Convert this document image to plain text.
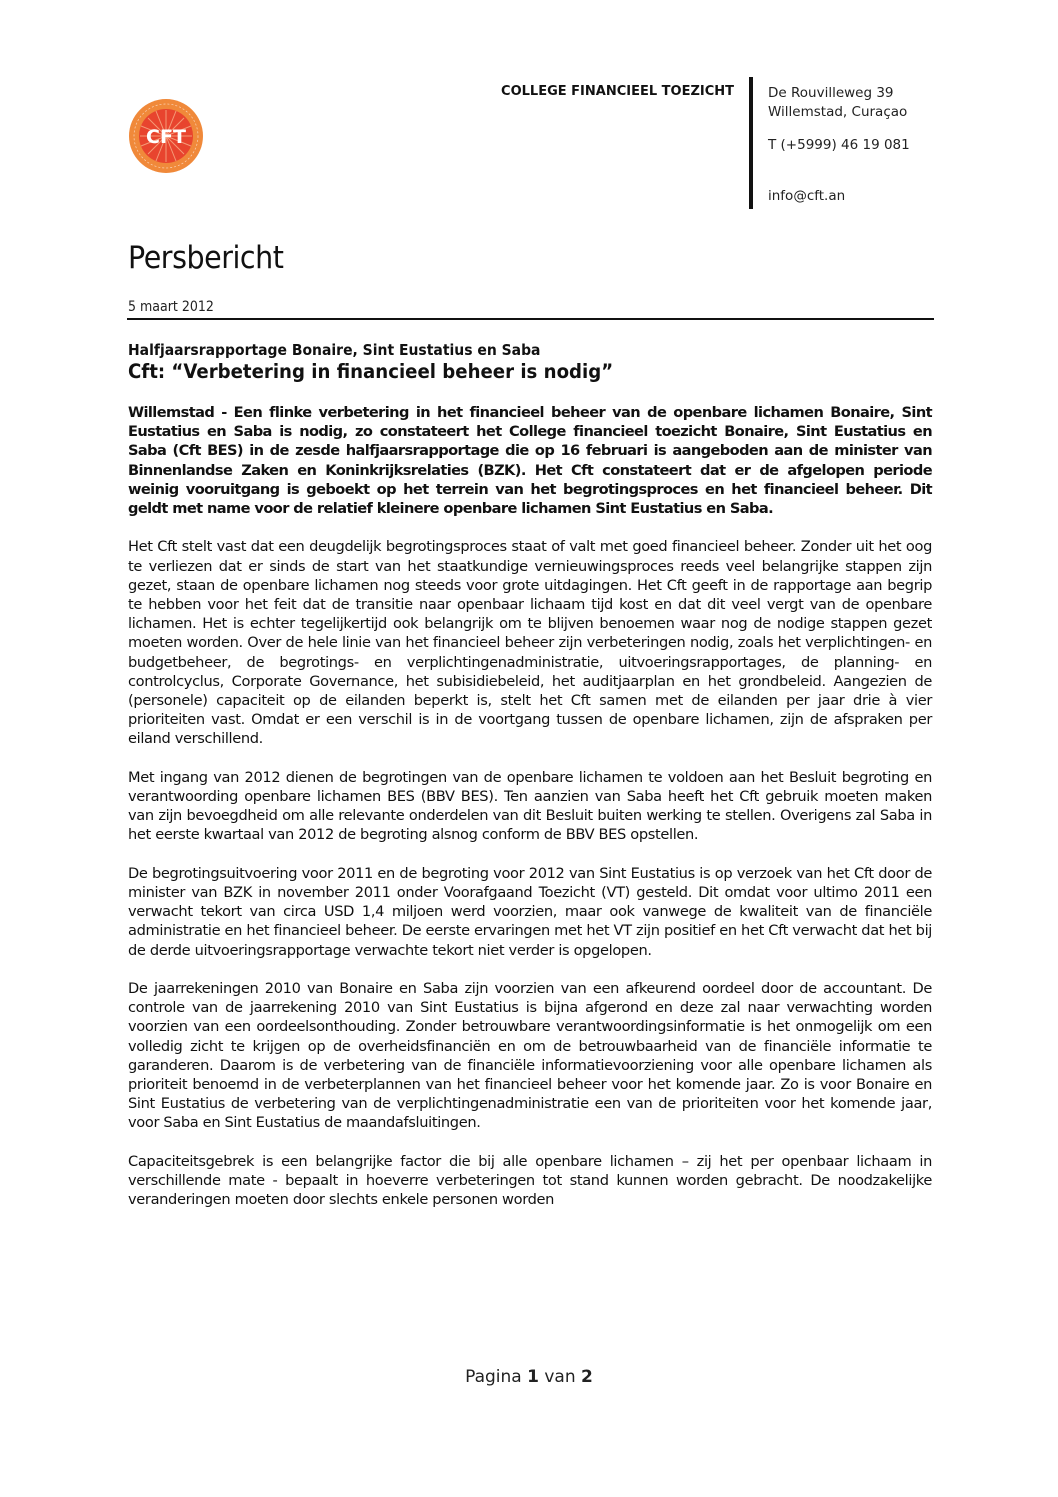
CFT
COLLEGE FINANCIEEL TOEZICHT	De Rouvilleweg 39
Willemstad, Curaçao
T (+5999) 46 19 081
info@cft.an
Persbericht
5 maart 2012
Halfjaarsrapportage Bonaire, Sint Eustatius en Saba
Cft: “Verbetering in financieel beheer is nodig”

Willemstad - Een flinke verbetering in het financieel beheer van de openbare lichamen Bonaire, Sint Eustatius en Saba is nodig, zo constateert het College financieel toezicht Bonaire, Sint Eustatius en Saba (Cft BES) in de zesde halfjaarsrapportage die op 16 februari is aangeboden aan de minister van Binnenlandse Zaken en Koninkrijksrelaties (BZK). Het Cft constateert dat er de afgelopen periode weinig vooruitgang is geboekt op het terrein van het begrotingsproces en het financieel beheer. Dit geldt met name voor de relatief kleinere openbare lichamen Sint Eustatius en Saba.

Het Cft stelt vast dat een deugdelijk begrotingsproces staat of valt met goed financieel beheer. Zonder uit het oog te verliezen dat er sinds de start van het staatkundige vernieuwingsproces reeds veel belangrijke stappen zijn gezet, staan de openbare lichamen nog steeds voor grote uitdagingen. Het Cft geeft in de rapportage aan begrip te hebben voor het feit dat de transitie naar openbaar lichaam tijd kost en dat dit veel vergt van de openbare lichamen. Het is echter tegelijkertijd ook belangrijk om te blijven benoemen waar nog de nodige stappen gezet moeten worden. Over de hele linie van het financieel beheer zijn verbeteringen nodig, zoals het verplichtingen- en budgetbeheer, de begrotings- en verplichtingenadministratie, uitvoeringsrapportages, de planning- en controlcyclus, Corporate Governance, het subisidiebeleid, het auditjaarplan en het grondbeleid. Aangezien de (personele) capaciteit op de eilanden beperkt is, stelt het Cft samen met de eilanden per jaar drie à vier prioriteiten vast. Omdat er een verschil is in de voortgang tussen de openbare lichamen, zijn de afspraken per eiland verschillend.

Met ingang van 2012 dienen de begrotingen van de openbare lichamen te voldoen aan het Besluit begroting en verantwoording openbare lichamen BES (BBV BES). Ten aanzien van Saba heeft het Cft gebruik moeten maken van zijn bevoegdheid om alle relevante onderdelen van dit Besluit buiten werking te stellen. Overigens zal Saba in het eerste kwartaal van 2012 de begroting alsnog conform de BBV BES opstellen.

De begrotingsuitvoering voor 2011 en de begroting voor 2012 van Sint Eustatius is op verzoek van het Cft door de minister van BZK in november 2011 onder Voorafgaand Toezicht (VT) gesteld. Dit omdat voor ultimo 2011 een verwacht tekort van circa USD 1,4 miljoen werd voorzien, maar ook vanwege de kwaliteit van de financiële administratie en het financieel beheer. De eerste ervaringen met het VT zijn positief en het Cft verwacht dat het bij de derde uitvoeringsrapportage verwachte tekort niet verder is opgelopen.

De jaarrekeningen 2010 van Bonaire en Saba zijn voorzien van een afkeurend oordeel door de accountant. De controle van de jaarrekening 2010 van Sint Eustatius is bijna afgerond en deze zal naar verwachting worden voorzien van een oordeelsonthouding. Zonder betrouwbare verantwoordingsinformatie is het onmogelijk om een volledig zicht te krijgen op de overheidsfinanciën en om de betrouwbaarheid van de financiële informatie te garanderen. Daarom is de verbetering van de financiële informatievoorziening voor alle openbare lichamen als prioriteit benoemd in de verbeterplannen van het financieel beheer voor het komende jaar. Zo is voor Bonaire en Sint Eustatius de verbetering van de verplichtingenadministratie een van de prioriteiten voor het komende jaar, voor Saba en Sint Eustatius de maandafsluitingen.

Capaciteitsgebrek is een belangrijke factor die bij alle openbare lichamen – zij het per openbaar lichaam in verschillende mate - bepaalt in hoeverre verbeteringen tot stand kunnen worden gebracht. De noodzakelijke veranderingen moeten door slechts enkele personen worden

Pagina 1 van 2
